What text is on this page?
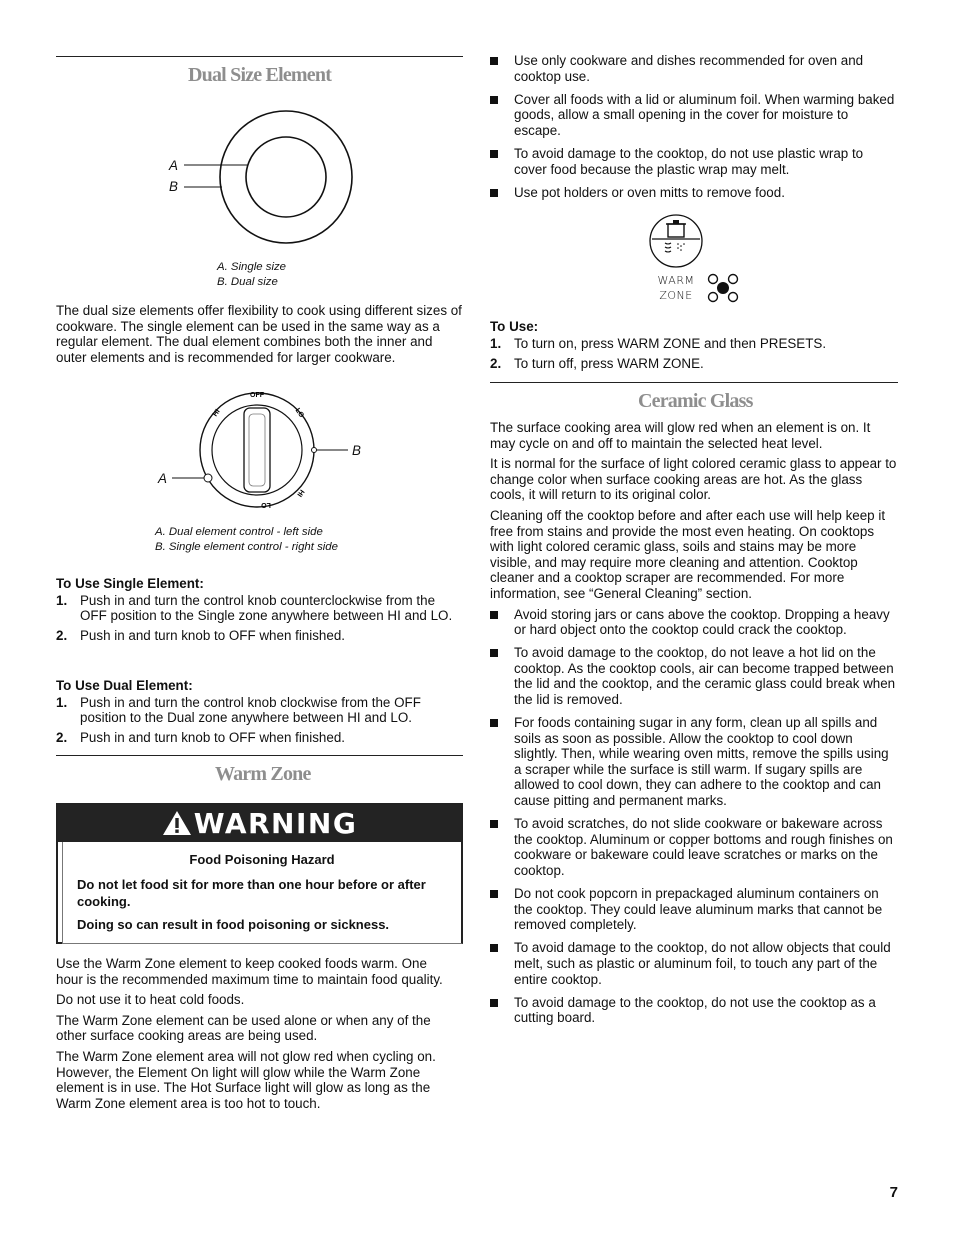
Dual Size Element
A
B
A. Single size
B. Dual size

The dual size elements offer flexibility to cook using different sizes of cookware. The single element can be used in the same way as a regular element. The dual element combines both the inner and outer elements and is recommended for larger cookware.

OFF
HI	LO
HI
LO
A
B
A. Dual element control - left side
B. Single element control - right side

To Use Single Element:

1. Push in and turn the control knob counterclockwise from the OFF position to the Single zone anywhere between HI and LO.
2. Push in and turn knob to OFF when finished.

To Use Dual Element:

1. Push in and turn the control knob clockwise from the OFF position to the Dual zone anywhere between HI and LO.
2. Push in and turn knob to OFF when finished.
Warm Zone
WARNING
Food Poisoning Hazard
Do not let food sit for more than one hour before or after cooking.
Doing so can result in food poisoning or sickness.

Use the Warm Zone element to keep cooked foods warm. One hour is the recommended maximum time to maintain food quality.

Do not use it to heat cold foods.

The Warm Zone element can be used alone or when any of the other surface cooking areas are being used.

The Warm Zone element area will not glow red when cycling on. However, the Element On light will glow while the Warm Zone element is in use. The Hot Surface light will glow as long as the Warm Zone element area is too hot to touch.

Use only cookware and dishes recommended for oven and cooktop use.
Cover all foods with a lid or aluminum foil. When warming baked goods, allow a small opening in the cover for moisture to escape.
To avoid damage to the cooktop, do not use plastic wrap to cover food because the plastic wrap may melt.
Use pot holders or oven mitts to remove food.
WARM
ZONE

To Use:

1. To turn on, press WARM ZONE and then PRESETS.
2. To turn off, press WARM ZONE.
Ceramic Glass

The surface cooking area will glow red when an element is on. It may cycle on and off to maintain the selected heat level.

It is normal for the surface of light colored ceramic glass to appear to change color when surface cooking areas are hot. As the glass cools, it will return to its original color.

Cleaning off the cooktop before and after each use will help keep it free from stains and provide the most even heating. On cooktops with light colored ceramic glass, soils and stains may be more visible, and may require more cleaning and attention. Cooktop cleaner and a cooktop scraper are recommended. For more information, see “General Cleaning” section.

Avoid storing jars or cans above the cooktop. Dropping a heavy or hard object onto the cooktop could crack the cooktop.
To avoid damage to the cooktop, do not leave a hot lid on the cooktop. As the cooktop cools, air can become trapped between the lid and the cooktop, and the ceramic glass could break when the lid is removed.
For foods containing sugar in any form, clean up all spills and soils as soon as possible. Allow the cooktop to cool down slightly. Then, while wearing oven mitts, remove the spills using a scraper while the surface is still warm. If sugary spills are allowed to cool down, they can adhere to the cooktop and can cause pitting and permanent marks.
To avoid scratches, do not slide cookware or bakeware across the cooktop. Aluminum or copper bottoms and rough finishes on cookware or bakeware could leave scratches or marks on the cooktop.
Do not cook popcorn in prepackaged aluminum containers on the cooktop. They could leave aluminum marks that cannot be removed completely.
To avoid damage to the cooktop, do not allow objects that could melt, such as plastic or aluminum foil, to touch any part of the entire cooktop.
To avoid damage to the cooktop, do not use the cooktop as a cutting board.
7
